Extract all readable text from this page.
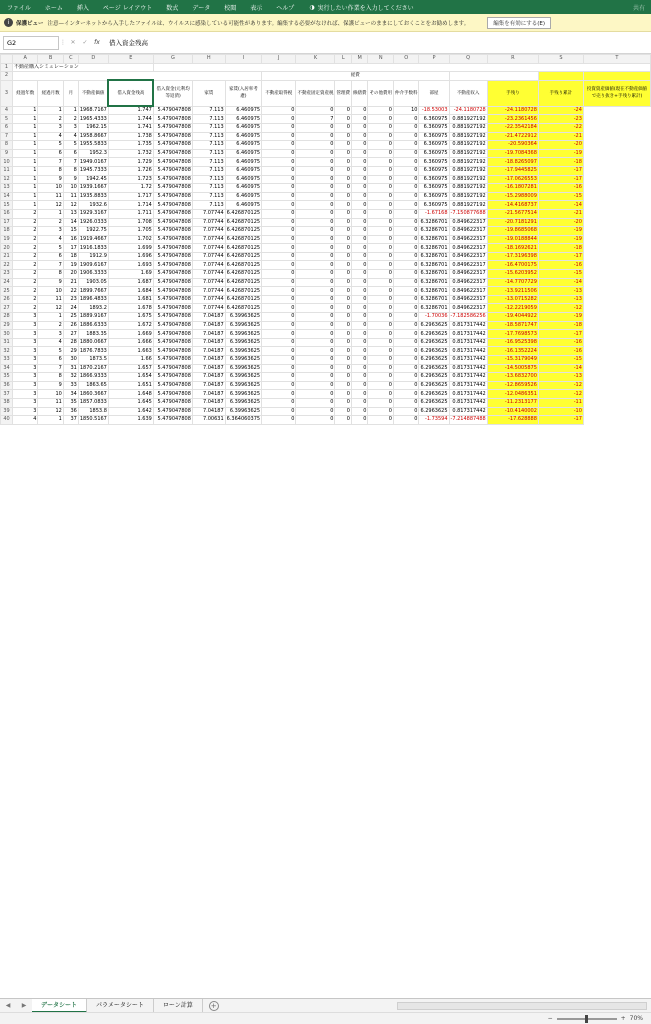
ファイル	ホーム	挿入	ページ レイアウト	数式	データ	校閲	表示	ヘルプ	◑ 実行したい作業を入力してください	共有
i	保護ビュー 注意—インターネットから入手したファイルは、ウイルスに感染している可能性があります。編集する必要がなければ、保護ビューのままにしておくことをお勧めします。	編集を有効にする(E)
G2	⋮ ✕	✓	fx	借入資金残高
	A	B	C	D	E	G	H	I	J	K	L	M	N	O	P	Q	R	S	T
1	不動産購入シミュレーション																		
2									経費										
3	経過年数	経過月数	月	不動産価値	借入資金残高	借入資金(元利均等返済)	家賃	家賃(入居率考慮)	不動産取得税	不動産固定資産税	管理費	修繕費	その他費用	仲介手数料	部屋	不動産収入	手残り	手残り累計	投資資産価値(現在不動産価値で売り抜き+手残り累計)
4	1	1	1	1968.7167	1.747	5.479047808	7.113	6.460975	0	0	0	0	0	10	-18.53003	-24.1180728	-24.1180728	-24	
5	1	2	2	1965.4333	1.744	5.479047808	7.113	6.460975	0	7	0	0	0	0	6.360975	0.881927192	-23.2361456	-23	
6	1	3	3	1962.15	1.741	5.479047808	7.113	6.460975	0	0	0	0	0	0	6.360975	0.881927192	-22.3542184	-22	
7	1	4	4	1958.8667	1.738	5.479047808	7.113	6.460975	0	0	0	0	0	0	6.360975	0.881927192	-21.4722912	-21	
8	1	5	5	1955.5833	1.735	5.479047808	7.113	6.460975	0	0	0	0	0	0	6.360975	0.881927192	-20.590364	-20	
9	1	6	6	1952.3	1.732	5.479047808	7.113	6.460975	0	0	0	0	0	0	6.360975	0.881927192	-19.7084368	-19	
10	1	7	7	1949.0167	1.729	5.479047808	7.113	6.460975	0	0	0	0	0	0	6.360975	0.881927192	-18.8265097	-18	
11	1	8	8	1945.7333	1.726	5.479047808	7.113	6.460975	0	0	0	0	0	0	6.360975	0.881927192	-17.9445825	-17	
12	1	9	9	1942.45	1.723	5.479047808	7.113	6.460975	0	0	0	0	0	0	6.360975	0.881927192	-17.0626553	-17	
13	1	10	10	1939.1667	1.72	5.479047808	7.113	6.460975	0	0	0	0	0	0	6.360975	0.881927192	-16.1807281	-16	
14	1	11	11	1935.8833	1.717	5.479047808	7.113	6.460975	0	0	0	0	0	0	6.360975	0.881927192	-15.2988009	-15	
15	1	12	12	1932.6	1.714	5.479047808	7.113	6.460975	0	0	0	0	0	0	6.360975	0.881927192	-14.4168737	-14	
16	2	1	13	1929.3167	1.711	5.479047808	7.07744	6.426870125	0	0	0	0	0	0	-1.67168	-7.150877688	-21.5677514	-21	
17	2	2	14	1926.0333	1.708	5.479047808	7.07744	6.426870125	0	0	0	0	0	0	6.3286701	0.849622317	-20.7181291	-20	
18	2	3	15	1922.75	1.705	5.479047808	7.07744	6.426870125	0	0	0	0	0	0	6.3286701	0.849622317	-19.8685068	-19	
19	2	4	16	1919.4667	1.702	5.479047808	7.07744	6.426870125	0	0	0	0	0	0	6.3286701	0.849622317	-19.0188844	-19	
20	2	5	17	1916.1833	1.699	5.479047808	7.07744	6.426870125	0	0	0	0	0	0	6.3286701	0.849622317	-18.1692621	-18	
21	2	6	18	1912.9	1.696	5.479047808	7.07744	6.426870125	0	0	0	0	0	0	6.3286701	0.849622317	-17.3196398	-17	
22	2	7	19	1909.6167	1.693	5.479047808	7.07744	6.426870125	0	0	0	0	0	0	6.3286701	0.849622317	-16.4700175	-16	
23	2	8	20	1906.3333	1.69	5.479047808	7.07744	6.426870125	0	0	0	0	0	0	6.3286701	0.849622317	-15.6203952	-15	
24	2	9	21	1903.05	1.687	5.479047808	7.07744	6.426870125	0	0	0	0	0	0	6.3286701	0.849622317	-14.7707729	-14	
25	2	10	22	1899.7667	1.684	5.479047808	7.07744	6.426870125	0	0	0	0	0	0	6.3286701	0.849622317	-13.9211506	-13	
26	2	11	23	1896.4833	1.681	5.479047808	7.07744	6.426870125	0	0	0	0	0	0	6.3286701	0.849622317	-13.0715282	-13	
27	2	12	24	1893.2	1.678	5.479047808	7.07744	6.426870125	0	0	0	0	0	0	6.3286701	0.849622317	-12.2219059	-12	
28	3	1	25	1889.9167	1.675	5.479047808	7.04187	6.39963625	0	0	0	0	0	0	-1.70036	-7.182586256	-19.4044922	-19	
29	3	2	26	1886.6333	1.672	5.479047808	7.04187	6.39963625	0	0	0	0	0	0	6.2963625	0.817317442	-18.5871747	-18	
30	3	3	27	1883.35	1.669	5.479047808	7.04187	6.39963625	0	0	0	0	0	0	6.2963625	0.817317442	-17.7698573	-17	
31	3	4	28	1880.0667	1.666	5.479047808	7.04187	6.39963625	0	0	0	0	0	0	6.2963625	0.817317442	-16.9525398	-16	
32	3	5	29	1876.7833	1.663	5.479047808	7.04187	6.39963625	0	0	0	0	0	0	6.2963625	0.817317442	-16.1352224	-16	
33	3	6	30	1873.5	1.66	5.479047808	7.04187	6.39963625	0	0	0	0	0	0	6.2963625	0.817317442	-15.3179049	-15	
34	3	7	31	1870.2167	1.657	5.479047808	7.04187	6.39963625	0	0	0	0	0	0	6.2963625	0.817317442	-14.5005875	-14	
35	3	8	32	1866.9333	1.654	5.479047808	7.04187	6.39963625	0	0	0	0	0	0	6.2963625	0.817317442	-13.6832700	-13	
36	3	9	33	1863.65	1.651	5.479047808	7.04187	6.39963625	0	0	0	0	0	0	6.2963625	0.817317442	-12.8659526	-12	
37	3	10	34	1860.3667	1.648	5.479047808	7.04187	6.39963625	0	0	0	0	0	0	6.2963625	0.817317442	-12.0486351	-12	
38	3	11	35	1857.0833	1.645	5.479047808	7.04187	6.39963625	0	0	0	0	0	0	6.2963625	0.817317442	-11.2313177	-11	
39	3	12	36	1853.8	1.642	5.479047808	7.04187	6.39963625	0	0	0	0	0	0	6.2963625	0.817317442	-10.4140002	-10	
40	4	1	37	1850.5167	1.639	5.479047808	7.00631	6.364060375	0	0	0	0	0	0	-1.73594	-7.214887488	-17.628888	-17	
◀	▶	データシート	パラメータシート	ローン計算	+
−	+ 70%
